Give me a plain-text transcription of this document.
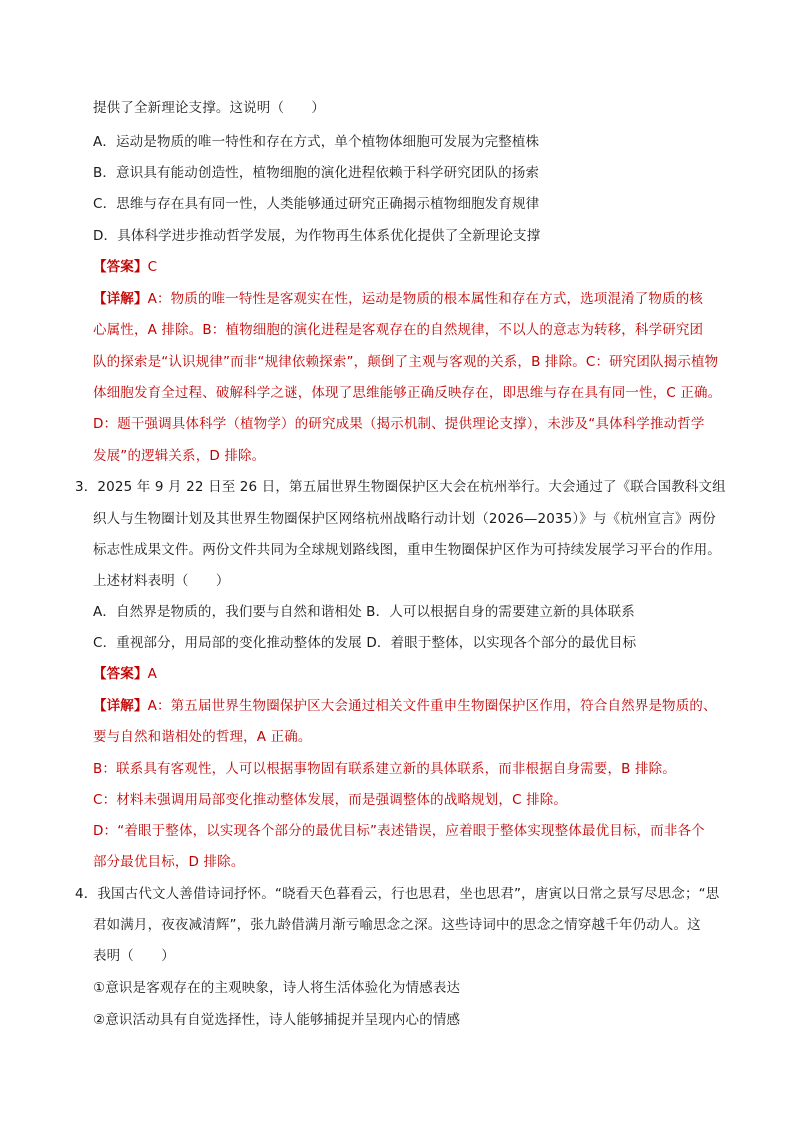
提供了全新理论支撑。这说明（　　）
A．运动是物质的唯一特性和存在方式，单个植物体细胞可发展为完整植株
B．意识具有能动创造性，植物细胞的演化进程依赖于科学研究团队的扬索
C．思维与存在具有同一性，人类能够通过研究正确揭示植物细胞发育规律
D．具体科学进步推动哲学发展，为作物再生体系优化提供了全新理论支撑
【答案】C
【详解】A：物质的唯一特性是客观实在性，运动是物质的根本属性和存在方式，选项混淆了物质的核
心属性，A 排除。B：植物细胞的演化进程是客观存在的自然规律，不以人的意志为转移，科学研究团
队的探索是“认识规律”而非“规律依赖探索”，颠倒了主观与客观的关系，B 排除。C：研究团队揭示植物
体细胞发育全过程、破解科学之谜，体现了思维能够正确反映存在，即思维与存在具有同一性，C 正确。
D：题干强调具体科学（植物学）的研究成果（揭示机制、提供理论支撑），未涉及“具体科学推动哲学
发展”的逻辑关系，D 排除。
3．2025 年 9 月 22 日至 26 日，第五届世界生物圈保护区大会在杭州举行。大会通过了《联合国教科文组
织人与生物圈计划及其世界生物圈保护区网络杭州战略行动计划（2026—2035）》与《杭州宣言》两份
标志性成果文件。两份文件共同为全球规划路线图，重申生物圈保护区作为可持续发展学习平台的作用。
上述材料表明（　　）
A．自然界是物质的，我们要与自然和谐相处 B．人可以根据自身的需要建立新的具体联系
C．重视部分，用局部的变化推动整体的发展 D．着眼于整体，以实现各个部分的最优目标
【答案】A
【详解】A：第五届世界生物圈保护区大会通过相关文件重申生物圈保护区作用，符合自然界是物质的、
要与自然和谐相处的哲理，A 正确。
B：联系具有客观性，人可以根据事物固有联系建立新的具体联系，而非根据自身需要，B 排除。
C：材料未强调用局部变化推动整体发展，而是强调整体的战略规划，C 排除。
D：“着眼于整体，以实现各个部分的最优目标”表述错误，应着眼于整体实现整体最优目标，而非各个
部分最优目标，D 排除。
4．我国古代文人善借诗词抒怀。“晓看天色暮看云，行也思君，坐也思君”，唐寅以日常之景写尽思念；“思
君如满月，夜夜减清辉”，张九龄借满月渐亏喻思念之深。这些诗词中的思念之情穿越千年仍动人。这
表明（　　）
①意识是客观存在的主观映象，诗人将生活体验化为情感表达
②意识活动具有自觉选择性，诗人能够捕捉并呈现内心的情感
